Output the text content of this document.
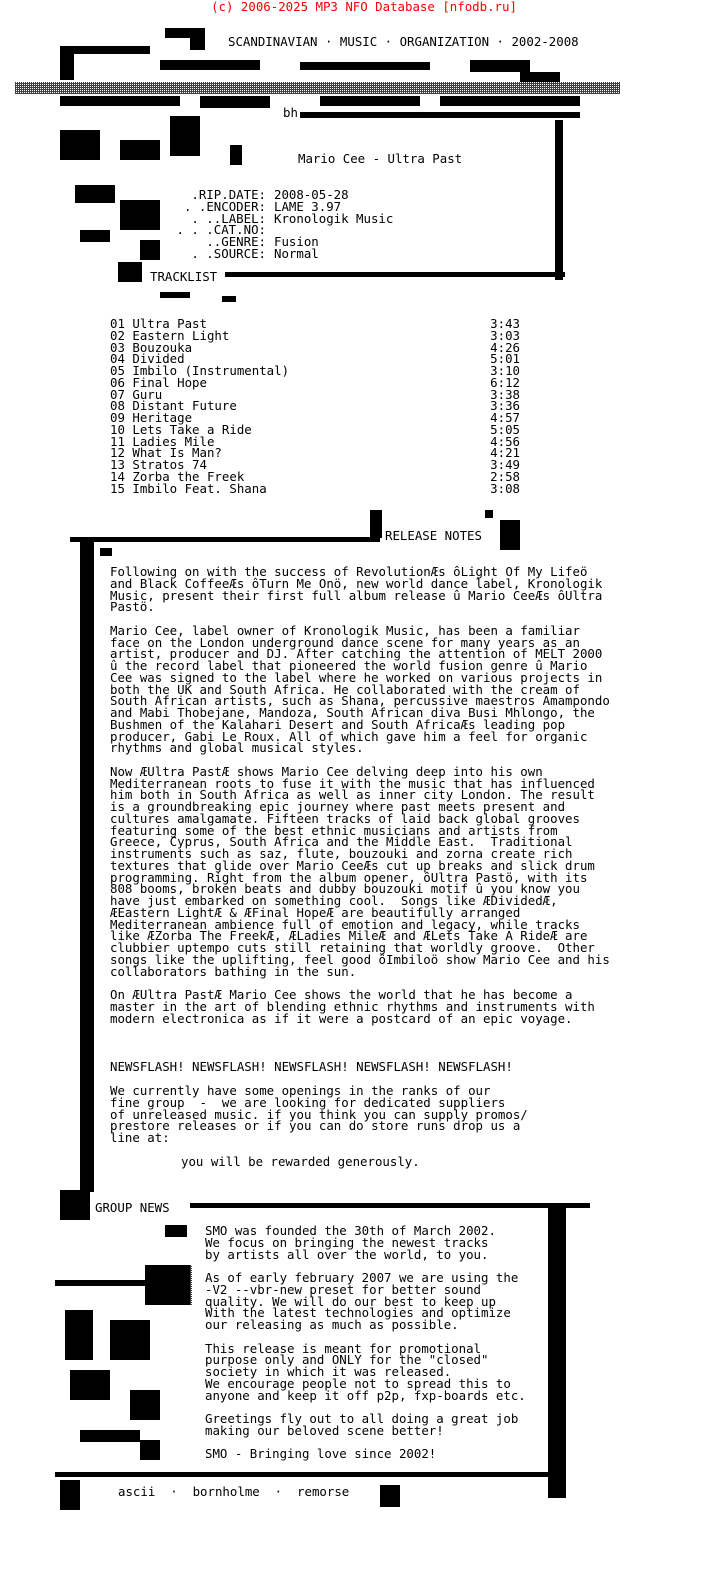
(c) 2006-2025 MP3 NFO Database [nfodb.ru]
SCANDINAVIAN · MUSIC · ORGANIZATION · 2002-2008
bh
Mario Cee - Ultra Past
.RIP.DATE: 2008-05-28
. .ENCODER: LAME 3.97
. ..LABEL: Kronologik Music
. . .CAT.NO:
..GENRE: Fusion
. .SOURCE: Normal
TRACKLIST
01 Ultra Past	3:43
02 Eastern Light	3:03
03 Bouzouka	4:26
04 Divided	5:01
05 Imbilo (Instrumental)	3:10
06 Final Hope	6:12
07 Guru	3:38
08 Distant Future	3:36
09 Heritage	4:57
10 Lets Take a Ride	5:05
11 Ladies Mile	4:56
12 What Is Man?	4:21
13 Stratos 74	3:49
14 Zorba the Freek	2:58
15 Imbilo Feat. Shana	3:08
RELEASE NOTES
Following on with the success of RevolutionÆs ôLight Of My Lifeö
and Black CoffeeÆs ôTurn Me Onö, new world dance label, Kronologik
Music, present their first full album release û Mario CeeÆs ôUltra
Pastö.

Mario Cee, label owner of Kronologik Music, has been a familiar
face on the London underground dance scene for many years as an
artist, producer and DJ. After catching the attention of MELT 2000
û the record label that pioneered the world fusion genre û Mario
Cee was signed to the label where he worked on various projects in
both the UK and South Africa. He collaborated with the cream of
South African artists, such as Shana, percussive maestros Amampondo
and Mabi Thobejane, Mandoza, South African diva Busi Mhlongo, the
Bushmen of the Kalahari Desert and South AfricaÆs leading pop
producer, Gabi Le Roux. All of which gave him a feel for organic
rhythms and global musical styles.

Now ÆUltra PastÆ shows Mario Cee delving deep into his own
Mediterranean roots to fuse it with the music that has influenced
him both in South Africa as well as inner city London. The result
is a groundbreaking epic journey where past meets present and
cultures amalgamate. Fifteen tracks of laid back global grooves
featuring some of the best ethnic musicians and artists from
Greece, Cyprus, South Africa and the Middle East.  Traditional
instruments such as saz, flute, bouzouki and zorna create rich
textures that glide over Mario CeeÆs cut up breaks and slick drum
programming. Right from the album opener, ôUltra Pastö, with its
808 booms, broken beats and dubby bouzouki motif û you know you
have just embarked on something cool.  Songs like ÆDividedÆ,
ÆEastern LightÆ & ÆFinal HopeÆ are beautifully arranged
Mediterranean ambience full of emotion and legacy, while tracks
like ÆZorba The FreekÆ, ÆLadies MileÆ and ÆLets Take A RideÆ are
clubbier uptempo cuts still retaining that worldly groove.  Other
songs like the uplifting, feel good ôImbiloö show Mario Cee and his
collaborators bathing in the sun.

On ÆUltra PastÆ Mario Cee shows the world that he has become a
master in the art of blending ethnic rhythms and instruments with
modern electronica as if it were a postcard of an epic voyage.
NEWSFLASH! NEWSFLASH! NEWSFLASH! NEWSFLASH! NEWSFLASH!
We currently have some openings in the ranks of our
fine group  -  we are looking for dedicated suppliers
of unreleased music. if you think you can supply promos/
prestore releases or if you can do store runs drop us a
line at:
you will be rewarded generously.
GROUP NEWS
SMO was founded the 30th of March 2002.
We focus on bringing the newest tracks
by artists all over the world, to you.

As of early february 2007 we are using the
-V2 --vbr-new preset for better sound
quality. We will do our best to keep up
With the latest technologies and optimize
our releasing as much as possible.

This release is meant for promotional
purpose only and ONLY for the "closed"
society in which it was released.
We encourage people not to spread this to
anyone and keep it off p2p, fxp-boards etc.

Greetings fly out to all doing a great job
making our beloved scene better!

SMO - Bringing love since 2002!
ascii  ·  bornholme  ·  remorse
